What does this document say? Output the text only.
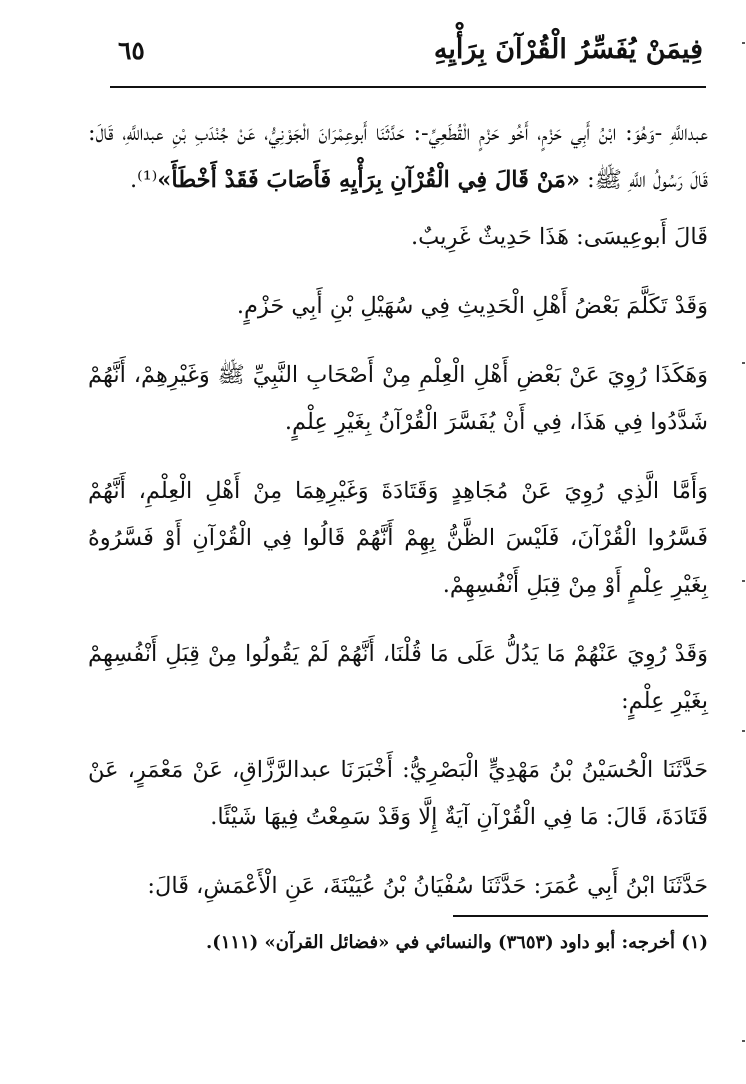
فِيمَنْ يُفَسِّرُ الْقُرْآنَ بِرَأْيِهِ
٦٥

عبداللَّهِ -وَهُوَ: ابْنُ أَبِي حَزْمٍ، أَخُو حَزْمٍ الْقُطَعِيِّ-: حَدَّثَنَا أَبوعِمْرَانَ الْجَوْنِيُّ، عَنْ جُنْدَبِ بْنِ عبداللَّهِ، قَالَ: قَالَ رَسُولُ اللَّهِ ﷺ: «مَنْ قَالَ فِي الْقُرْآنِ بِرَأْيِهِ فَأَصَابَ فَقَدْ أَخْطَأَ»⁽¹⁾.

قَالَ أَبوعِيسَى: هَذَا حَدِيثٌ غَرِيبٌ.

وَقَدْ تَكَلَّمَ بَعْضُ أَهْلِ الْحَدِيثِ فِي سُهَيْلِ بْنِ أَبِي حَزْمٍ.

وَهَكَذَا رُوِيَ عَنْ بَعْضِ أَهْلِ الْعِلْمِ مِنْ أَصْحَابِ النَّبِيِّ ﷺ وَغَيْرِهِمْ، أَنَّهُمْ شَدَّدُوا فِي هَذَا، فِي أَنْ يُفَسَّرَ الْقُرْآنُ بِغَيْرِ عِلْمٍ.

وَأَمَّا الَّذِي رُوِيَ عَنْ مُجَاهِدٍ وَقَتَادَةَ وَغَيْرِهِمَا مِنْ أَهْلِ الْعِلْمِ، أَنَّهُمْ فَسَّرُوا الْقُرْآنَ، فَلَيْسَ الظَّنُّ بِهِمْ أَنَّهُمْ قَالُوا فِي الْقُرْآنِ أَوْ فَسَّرُوهُ بِغَيْرِ عِلْمٍ أَوْ مِنْ قِبَلِ أَنْفُسِهِمْ.

وَقَدْ رُوِيَ عَنْهُمْ مَا يَدُلُّ عَلَى مَا قُلْنَا، أَنَّهُمْ لَمْ يَقُولُوا مِنْ قِبَلِ أَنْفُسِهِمْ بِغَيْرِ عِلْمٍ:

حَدَّثَنَا الْحُسَيْنُ بْنُ مَهْدِيٍّ الْبَصْرِيُّ: أَخْبَرَنَا عبدالرَّزَّاقِ، عَنْ مَعْمَرٍ، عَنْ قَتَادَةَ، قَالَ: مَا فِي الْقُرْآنِ آيَةٌ إِلَّا وَقَدْ سَمِعْتُ فِيهَا شَيْئًا.

حَدَّثَنَا ابْنُ أَبِي عُمَرَ: حَدَّثَنَا سُفْيَانُ بْنُ عُيَيْنَةَ، عَنِ الْأَعْمَشِ، قَالَ:

(١) أخرجه: أبو داود (٣٦٥٣) والنسائي في «فضائل القرآن» (١١١).
